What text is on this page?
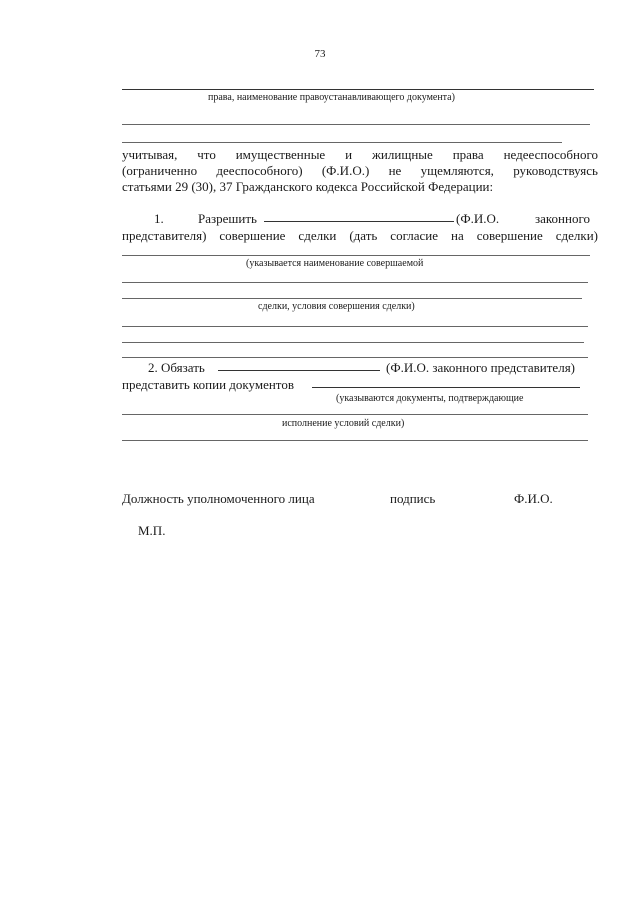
73
права, наименование правоустанавливающего документа)
учитывая, что имущественные и жилищные права недееспособного
(ограниченно дееспособного) (Ф.И.О.) не ущемляются, руководствуясь
статьями 29 (30), 37 Гражданского кодекса Российской Федерации:
1.	Разрешить	(Ф.И.О.	законного
представителя) совершение сделки (дать согласие на совершение сделки)
(указывается наименование совершаемой
сделки, условия совершения сделки)
2. Обязать	(Ф.И.О. законного представителя)
представить копии документов
(указываются документы, подтверждающие
исполнение условий сделки)
Должность уполномоченного лица	подпись	Ф.И.О.
М.П.
